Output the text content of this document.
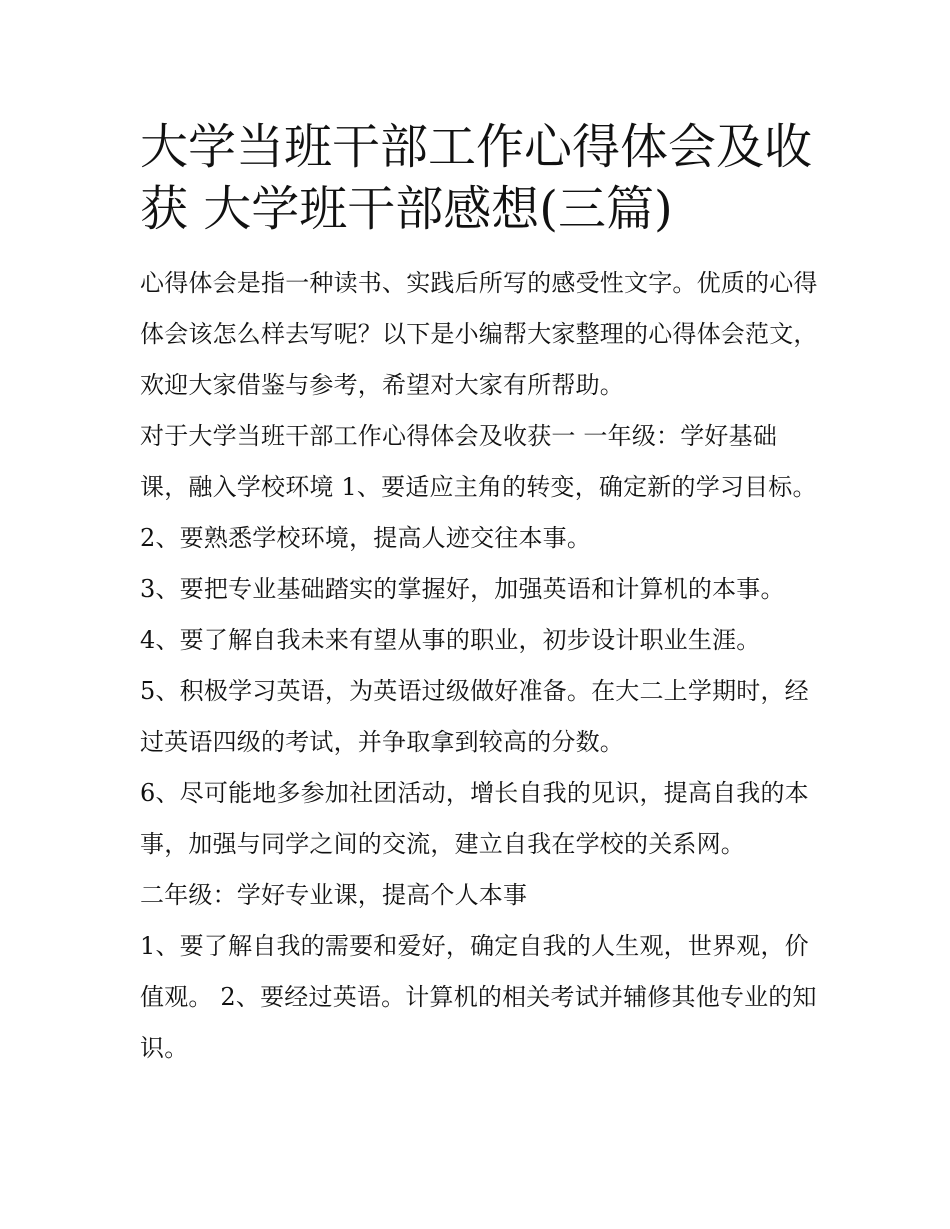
大学当班干部工作心得体会及收获 大学班干部感想(三篇)

心得体会是指一种读书、实践后所写的感受性文字。优质的心得体会该怎么样去写呢？以下是小编帮大家整理的心得体会范文，欢迎大家借鉴与参考，希望对大家有所帮助。

对于大学当班干部工作心得体会及收获一 一年级：学好基础课，融入学校环境 1、要适应主角的转变，确定新的学习目标。 2、要熟悉学校环境，提高人迹交往本事。

3、要把专业基础踏实的掌握好，加强英语和计算机的本事。

4、要了解自我未来有望从事的职业，初步设计职业生涯。

5、积极学习英语，为英语过级做好准备。在大二上学期时，经过英语四级的考试，并争取拿到较高的分数。

6、尽可能地多参加社团活动，增长自我的见识，提高自我的本事，加强与同学之间的交流，建立自我在学校的关系网。

二年级：学好专业课，提高个人本事

1、要了解自我的需要和爱好，确定自我的人生观，世界观，价值观。 2、要经过英语。计算机的相关考试并辅修其他专业的知识。
